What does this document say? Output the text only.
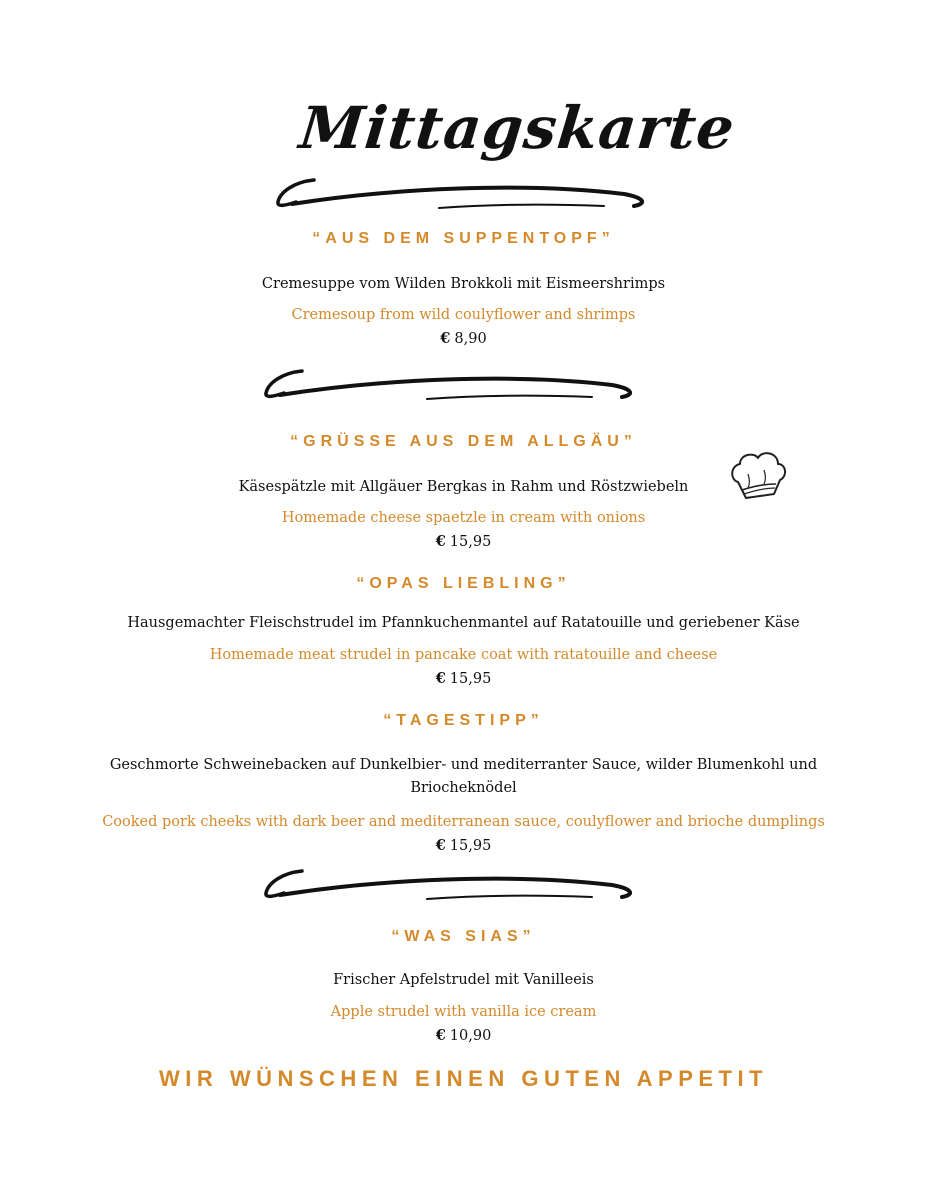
Mittagskarte
“AUS DEM SUPPENTOPF”
Cremesuppe vom Wilden Brokkoli mit Eismeershrimps
Cremesoup from wild coulyflower and shrimps
€ 8,90
“GRÜSSE AUS DEM ALLGÄU”
Käsespätzle mit Allgäuer Bergkas in Rahm und Röstzwiebeln
Homemade cheese spaetzle in cream with onions
€ 15,95
“OPAS LIEBLING”
Hausgemachter Fleischstrudel im Pfannkuchenmantel auf Ratatouille und geriebener Käse
Homemade meat strudel in pancake coat with ratatouille and cheese
€ 15,95
“TAGESTIPP”
Geschmorte Schweinebacken auf Dunkelbier- und mediterranter Sauce, wilder Blumenkohl und
Briocheknödel
Cooked pork cheeks with dark beer and mediterranean sauce, coulyflower and brioche dumplings
€ 15,95
“WAS SIAS”
Frischer Apfelstrudel mit Vanilleeis
Apple strudel with vanilla ice cream
€ 10,90
WIR WÜNSCHEN EINEN GUTEN APPETIT
